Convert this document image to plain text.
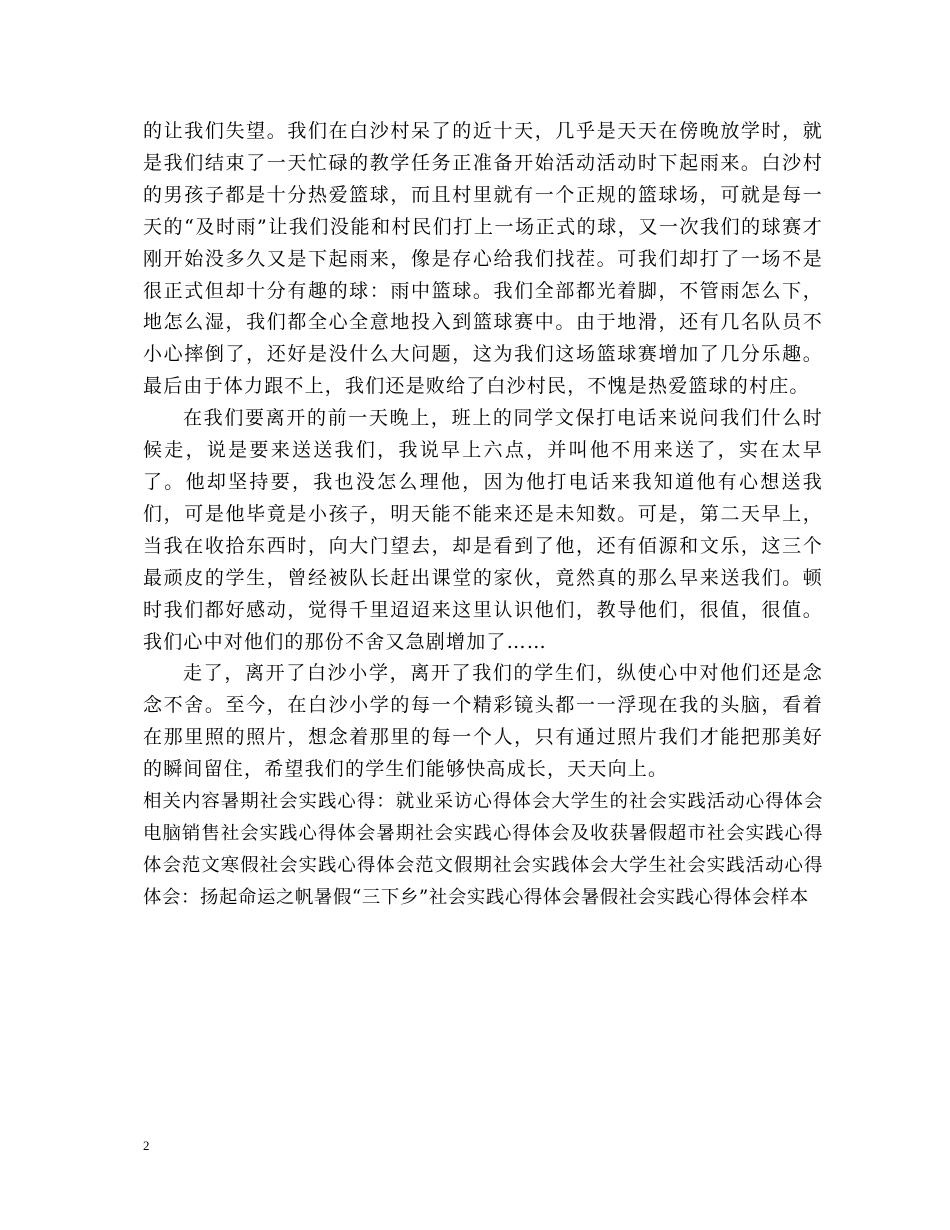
的让我们失望。我们在白沙村呆了的近十天，几乎是天天在傍晚放学时，就是我们结束了一天忙碌的教学任务正准备开始活动活动时下起雨来。白沙村的男孩子都是十分热爱篮球，而且村里就有一个正规的篮球场，可就是每一天的“及时雨”让我们没能和村民们打上一场正式的球，又一次我们的球赛才刚开始没多久又是下起雨来，像是存心给我们找茬。可我们却打了一场不是很正式但却十分有趣的球：雨中篮球。我们全部都光着脚，不管雨怎么下，地怎么湿，我们都全心全意地投入到篮球赛中。由于地滑，还有几名队员不小心摔倒了，还好是没什么大问题，这为我们这场篮球赛增加了几分乐趣。最后由于体力跟不上，我们还是败给了白沙村民，不愧是热爱篮球的村庄。

在我们要离开的前一天晚上，班上的同学文保打电话来说问我们什么时候走，说是要来送送我们，我说早上六点，并叫他不用来送了，实在太早了。他却坚持要，我也没怎么理他，因为他打电话来我知道他有心想送我们，可是他毕竟是小孩子，明天能不能来还是未知数。可是，第二天早上，当我在收拾东西时，向大门望去，却是看到了他，还有佰源和文乐，这三个最顽皮的学生，曾经被队长赶出课堂的家伙，竟然真的那么早来送我们。顿时我们都好感动，觉得千里迢迢来这里认识他们，教导他们，很值，很值。我们心中对他们的那份不舍又急剧增加了……

走了，离开了白沙小学，离开了我们的学生们，纵使心中对他们还是念念不舍。至今，在白沙小学的每一个精彩镜头都一一浮现在我的头脑，看着在那里照的照片，想念着那里的每一个人，只有通过照片我们才能把那美好的瞬间留住，希望我们的学生们能够快高成长，天天向上。

相关内容暑期社会实践心得：就业采访心得体会大学生的社会实践活动心得体会电脑销售社会实践心得体会暑期社会实践心得体会及收获暑假超市社会实践心得体会范文寒假社会实践心得体会范文假期社会实践体会大学生社会实践活动心得体会：扬起命运之帆暑假“三下乡”社会实践心得体会暑假社会实践心得体会样本

2
